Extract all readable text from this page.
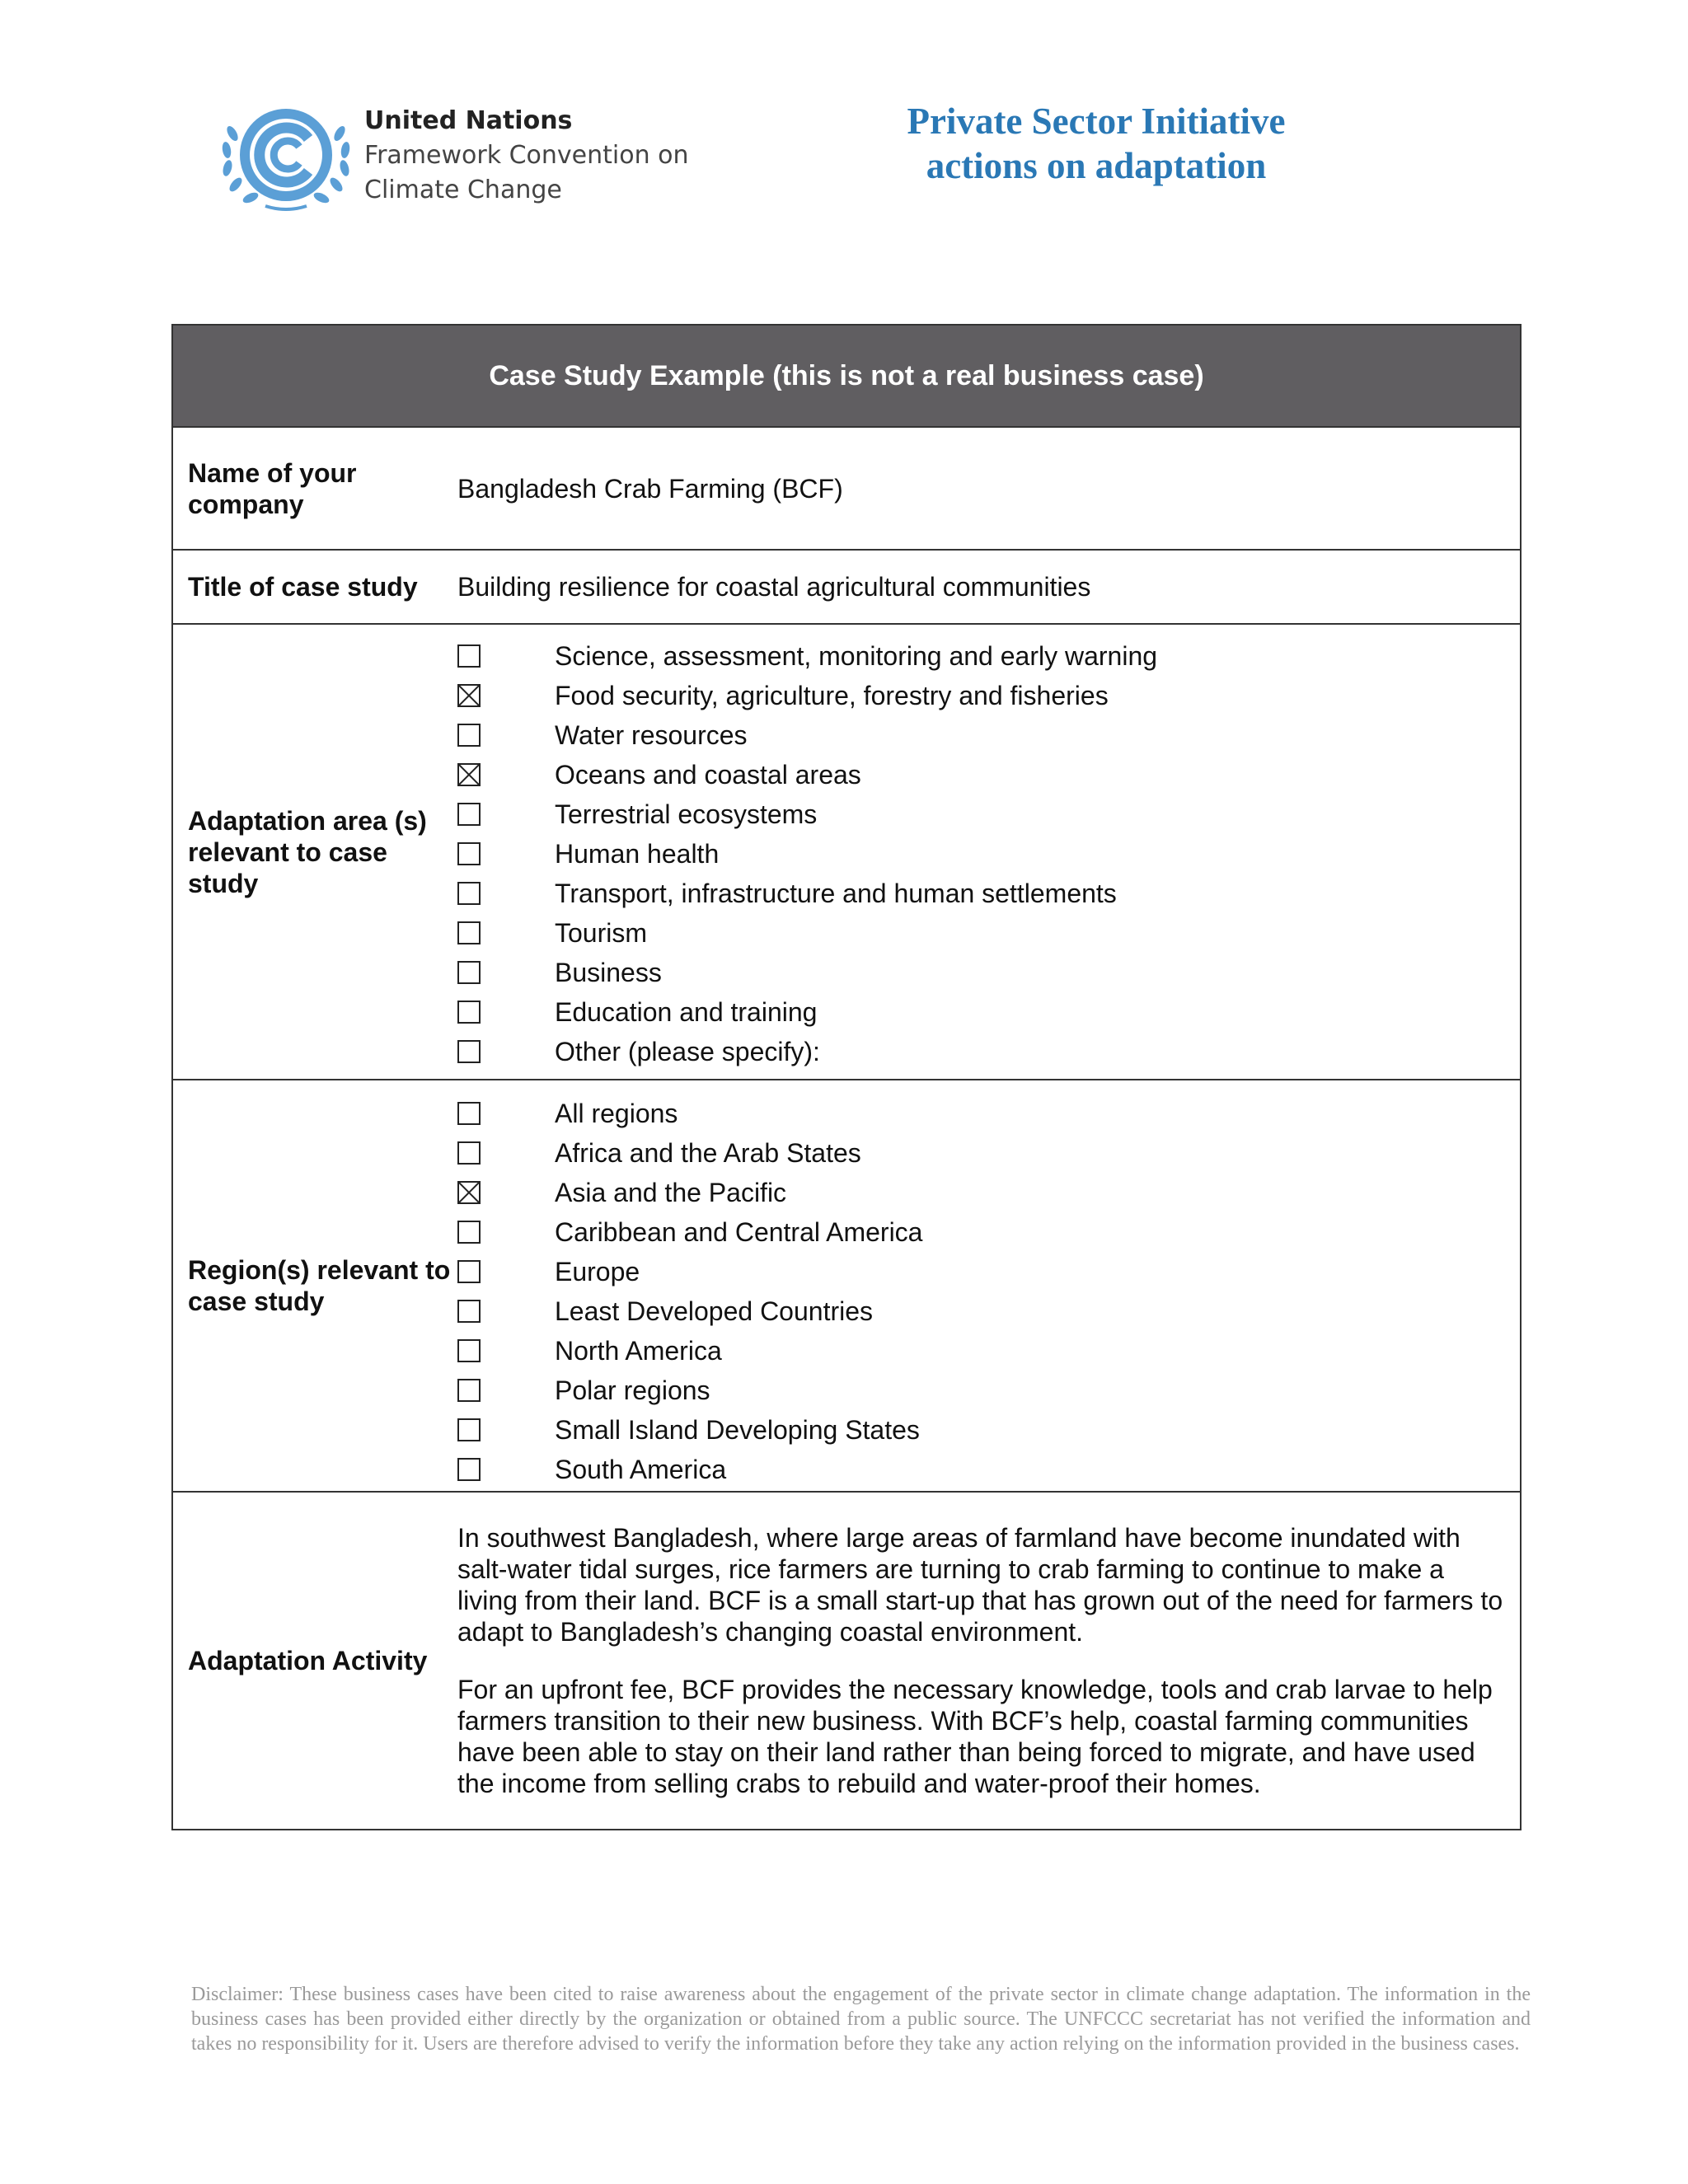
United Nations
Framework Convention on
Climate Change
Private Sector Initiative
actions on adaptation
Case Study Example (this is not a real business case)
Name of your company
Bangladesh Crab Farming (BCF)
Title of case study	Building resilience for coastal agricultural communities
Adaptation area (s) relevant to case study
Science, assessment, monitoring and early warning
Food security, agriculture, forestry and fisheries
Water resources
Oceans and coastal areas
Terrestrial ecosystems
Human health
Transport, infrastructure and human settlements
Tourism
Business
Education and training
Other (please specify):
Region(s) relevant to case study
All regions
Africa and the Arab States
Asia and the Pacific
Caribbean and Central America
Europe
Least Developed Countries
North America
Polar regions
Small Island Developing States
South America
Adaptation Activity

In southwest Bangladesh, where large areas of farmland have become inundated with salt-water tidal surges, rice farmers are turning to crab farming to continue to make a living from their land. BCF is a small start-up that has grown out of the need for farmers to adapt to Bangladesh’s changing coastal environment.

For an upfront fee, BCF provides the necessary knowledge, tools and crab larvae to help farmers transition to their new business. With BCF’s help, coastal farming communities have been able to stay on their land rather than being forced to migrate, and have used the income from selling crabs to rebuild and water-proof their homes.

Disclaimer: These business cases have been cited to raise awareness about the engagement of the private sector in climate change adaptation. The information in the business cases has been provided either directly by the organization or obtained from a public source. The UNFCCC secretariat has not verified the information and takes no responsibility for it. Users are therefore advised to verify the information before they take any action relying on the information provided in the business cases.
